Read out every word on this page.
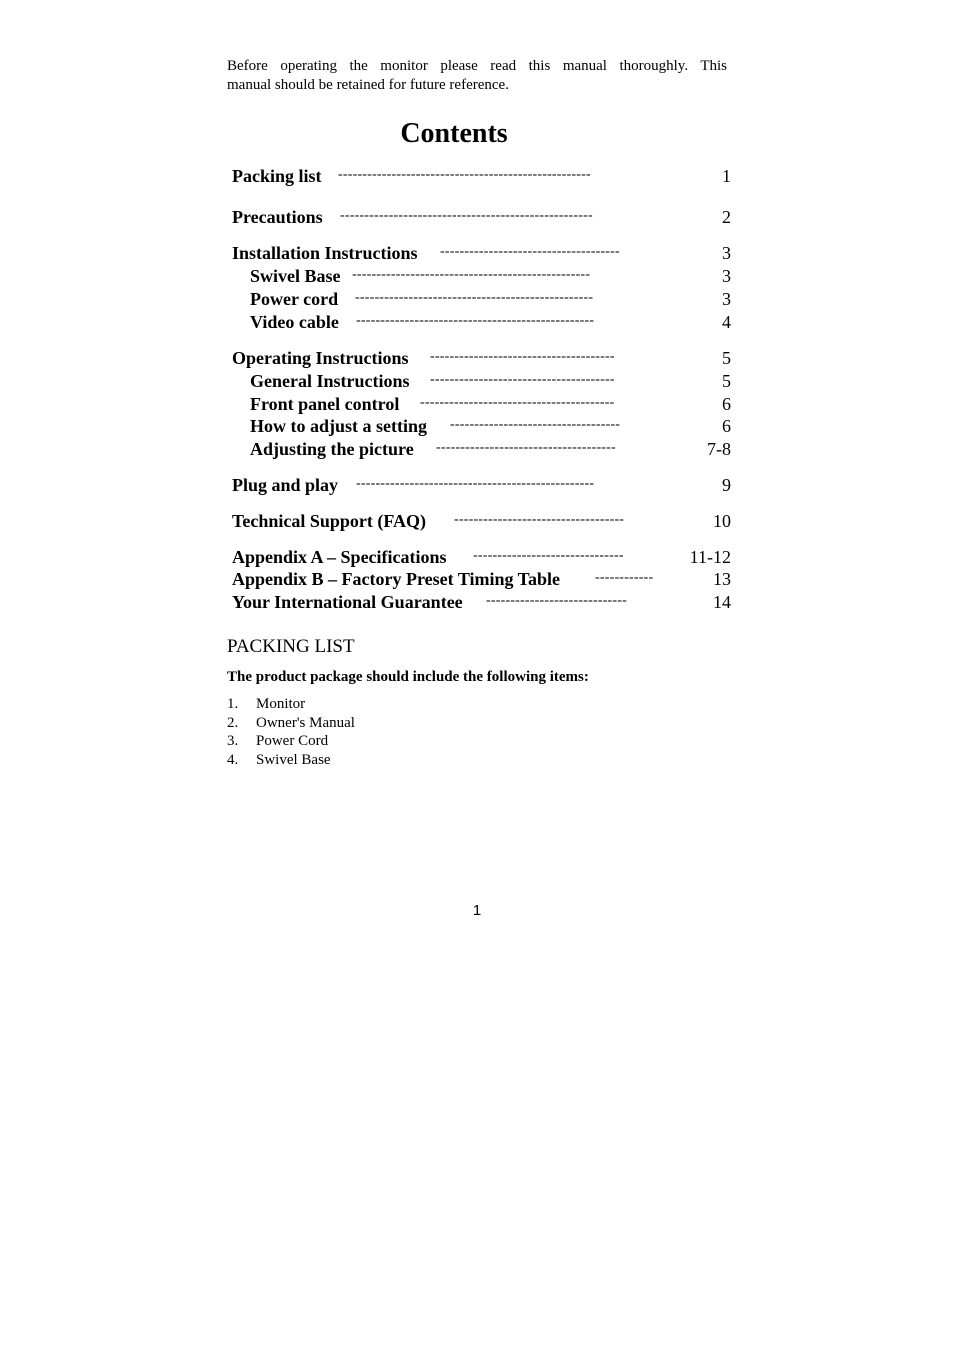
Before operating the monitor please read this manual thoroughly. This
manual should be retained for future reference.
Contents
Packing list ----------------------------------------------------	1
Precautions ----------------------------------------------------	2
Installation Instructions -------------------------------------	3
Swivel Base -------------------------------------------------	3
Power cord -------------------------------------------------	3
Video cable -------------------------------------------------	4
Operating Instructions --------------------------------------	5
General Instructions --------------------------------------	5
Front panel control ----------------------------------------	6
How to adjust a setting -----------------------------------	6
Adjusting the picture -------------------------------------	7-8
Plug and play -------------------------------------------------	9
Technical Support (FAQ) -----------------------------------	10
Appendix A – Specifications -------------------------------	11-12
Appendix B – Factory Preset Timing Table ------------	13
Your International Guarantee -----------------------------	14
PACKING LIST
The product package should include the following items:
1.	Monitor
2.	Owner's Manual
3.	Power Cord
4.	Swivel Base
1
